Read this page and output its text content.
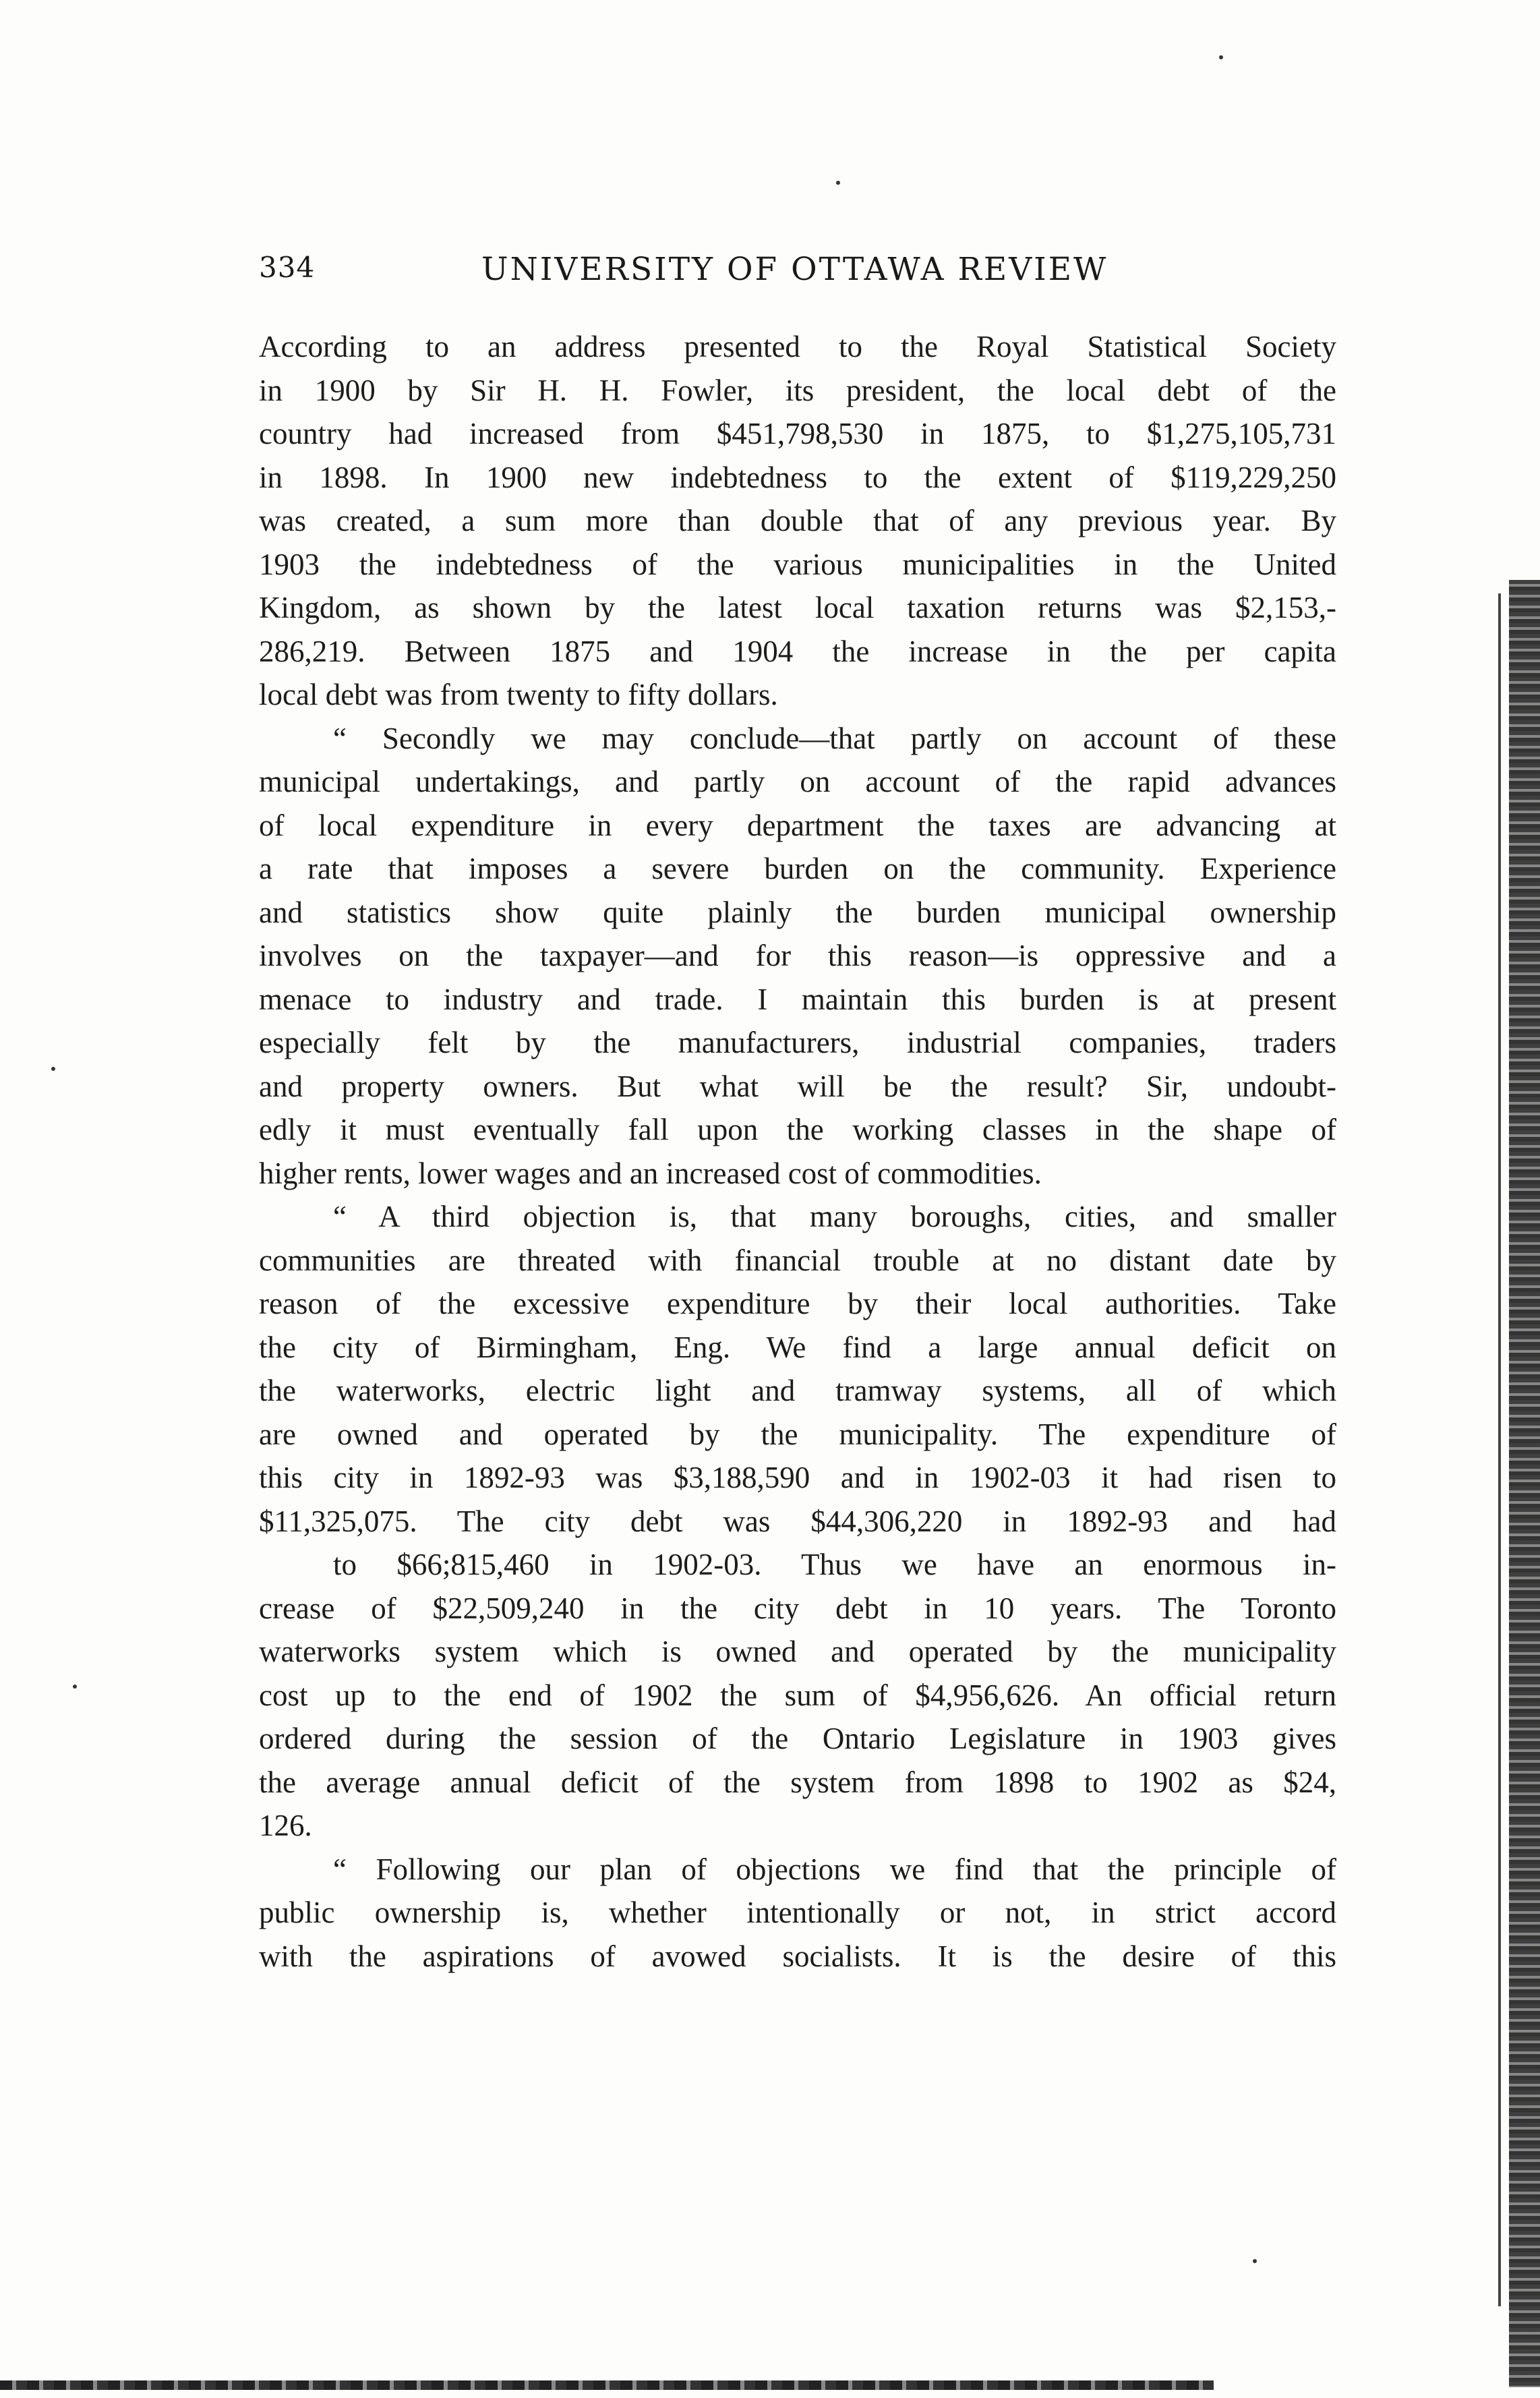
334	UNIVERSITY OF OTTAWA REVIEW
According to an address presented to the Royal Statistical Society
in 1900 by Sir H. H. Fowler, its president, the local debt of the
country had increased from $451,798,530 in 1875, to $1,275,105,731
in 1898. In 1900 new indebtedness to the extent of $119,229,250
was created, a sum more than double that of any previous year. By
1903 the indebtedness of the various municipalities in the United
Kingdom, as shown by the latest local taxation returns was $2,153,-
286,219. Between 1875 and 1904 the increase in the per capita
local debt was from twenty to fifty dollars.
“ Secondly we may conclude—that partly on account of these
municipal undertakings, and partly on account of the rapid advances
of local expenditure in every department the taxes are advancing at
a rate that imposes a severe burden on the community. Experience
and statistics show quite plainly the burden municipal ownership
involves on the taxpayer—and for this reason—is oppressive and a
menace to industry and trade. I maintain this burden is at present
especially felt by the manufacturers, industrial companies, traders
and property owners. But what will be the result? Sir, undoubt-
edly it must eventually fall upon the working classes in the shape of
higher rents, lower wages and an increased cost of commodities.
“ A third objection is, that many boroughs, cities, and smaller
communities are threated with financial trouble at no distant date by
reason of the excessive expenditure by their local authorities. Take
the city of Birmingham, Eng. We find a large annual deficit on
the waterworks, electric light and tramway systems, all of which
are owned and operated by the municipality. The expenditure of
this city in 1892-93 was $3,188,590 and in 1902-03 it had risen to
$11,325,075. The city debt was $44,306,220 in 1892-93 and had
to $66;815,460 in 1902-03. Thus we have an enormous in-
crease of $22,509,240 in the city debt in 10 years. The Toronto
waterworks system which is owned and operated by the municipality
cost up to the end of 1902 the sum of $4,956,626. An official return
ordered during the session of the Ontario Legislature in 1903 gives
the average annual deficit of the system from 1898 to 1902 as $24,
126.
“ Following our plan of objections we find that the principle of
public ownership is, whether intentionally or not, in strict accord
with the aspirations of avowed socialists. It is the desire of this
